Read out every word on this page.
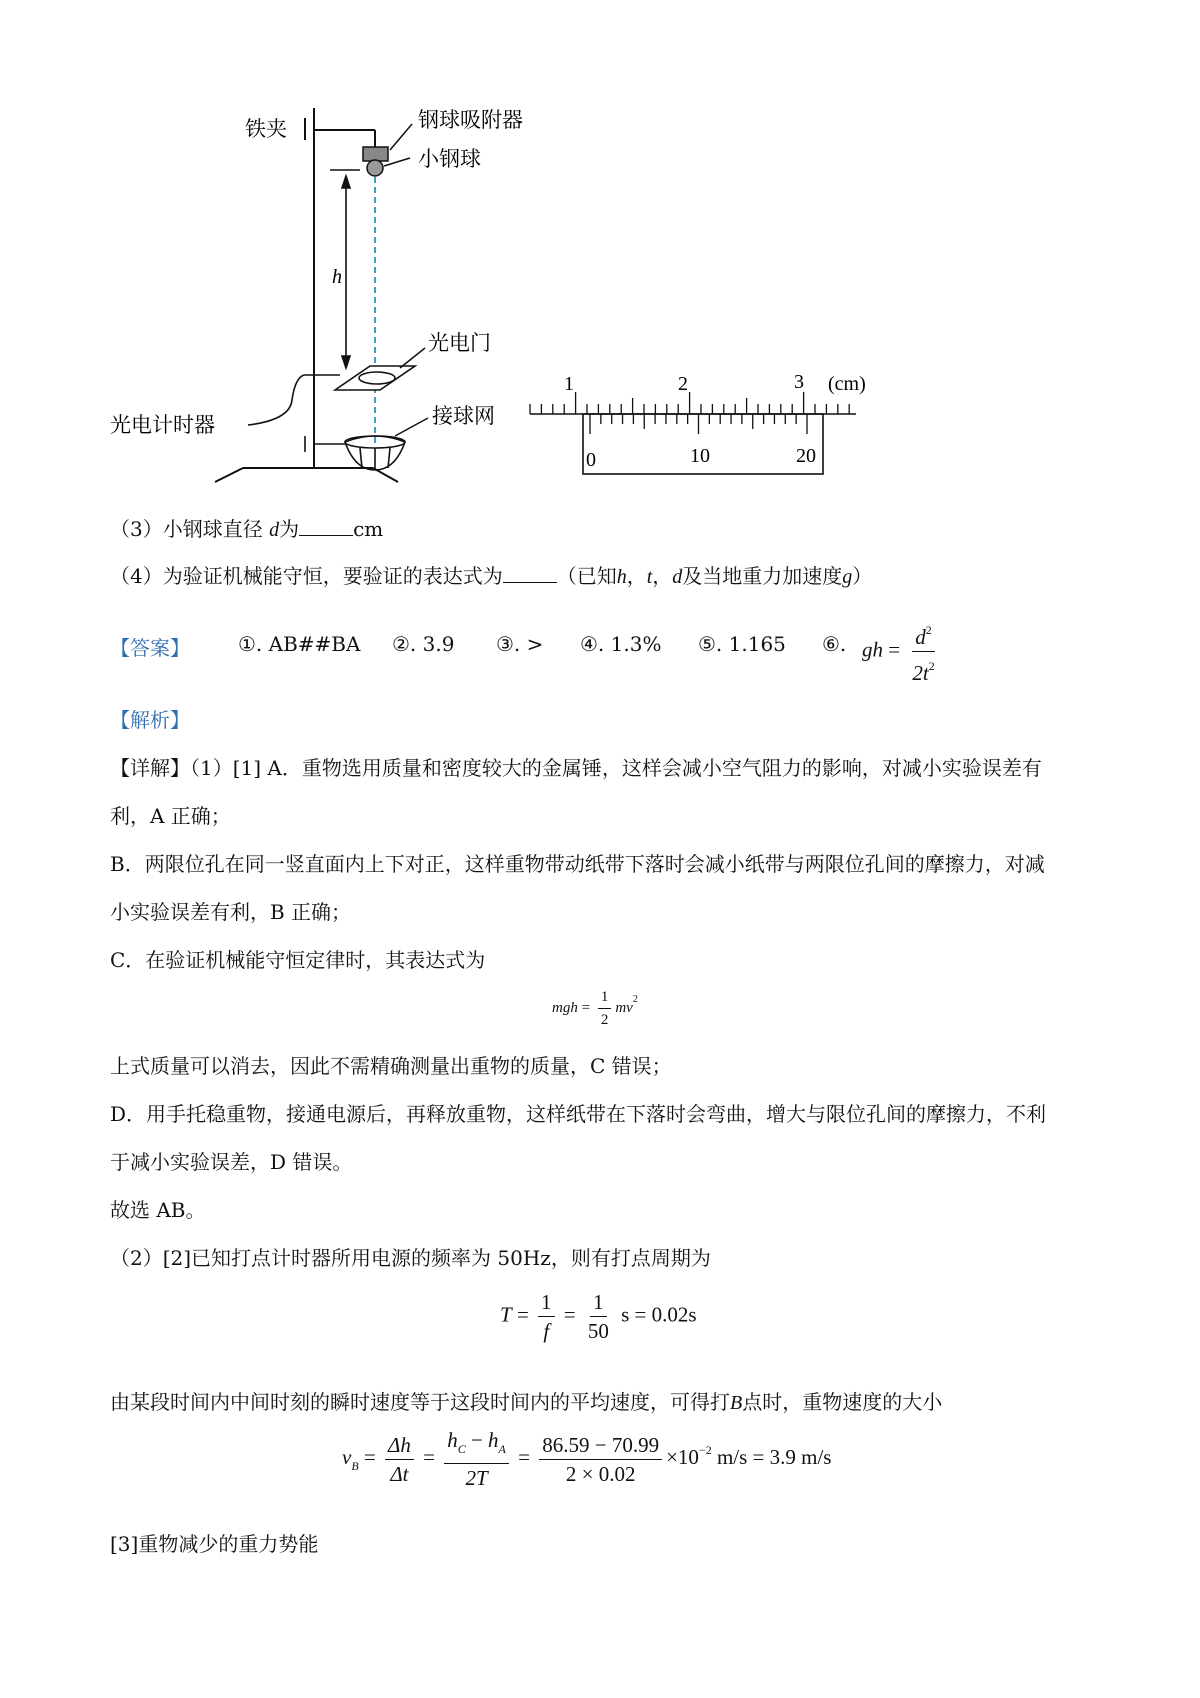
h
铁夹	钢球吸附器
小钢球
光电门
光电计时器	接球网
1	2	3 (cm)
0	10	20
（3）小钢球直径 d为	cm
（4）为验证机械能守恒，要验证的表达式为	（已知h，t，d及当地重力加速度g）
【答案】 ①. AB##BA ②. 3.9 ③. > ④. 1.3% ⑤. 1.165 ⑥. gh = $\frac{d^2}{2t^2}$
【解析】
【详解】（1）[1] A．重物选用质量和密度较大的金属锤，这样会减小空气阻力的影响，对减小实验误差有
利，A 正确；
B．两限位孔在同一竖直面内上下对正，这样重物带动纸带下落时会减小纸带与两限位孔间的摩擦力，对减
小实验误差有利，B 正确；
C．在验证机械能守恒定律时，其表达式为
mgh = $\frac{1}{2} mv^2$
上式质量可以消去，因此不需精确测量出重物的质量，C 错误；
D．用手托稳重物，接通电源后，再释放重物，这样纸带在下落时会弯曲，增大与限位孔间的摩擦力，不利
于减小实验误差，D 错误。
故选 AB。
（2）[2]已知打点计时器所用电源的频率为 50Hz，则有打点周期为
$T = \frac{1}{f} = \frac{1}{50}$ s = 0.02s
由某段时间内中间时刻的瞬时速度等于这段时间内的平均速度，可得打B点时，重物速度的大小
$v_B = \frac{\Delta h}{\Delta t} = \frac{h_C - h_A}{2T} = \frac{86.59 - 70.99}{2 \times 0.02} \times 10^{-2}$ m/s = 3.9 m/s
[3]重物减少的重力势能
